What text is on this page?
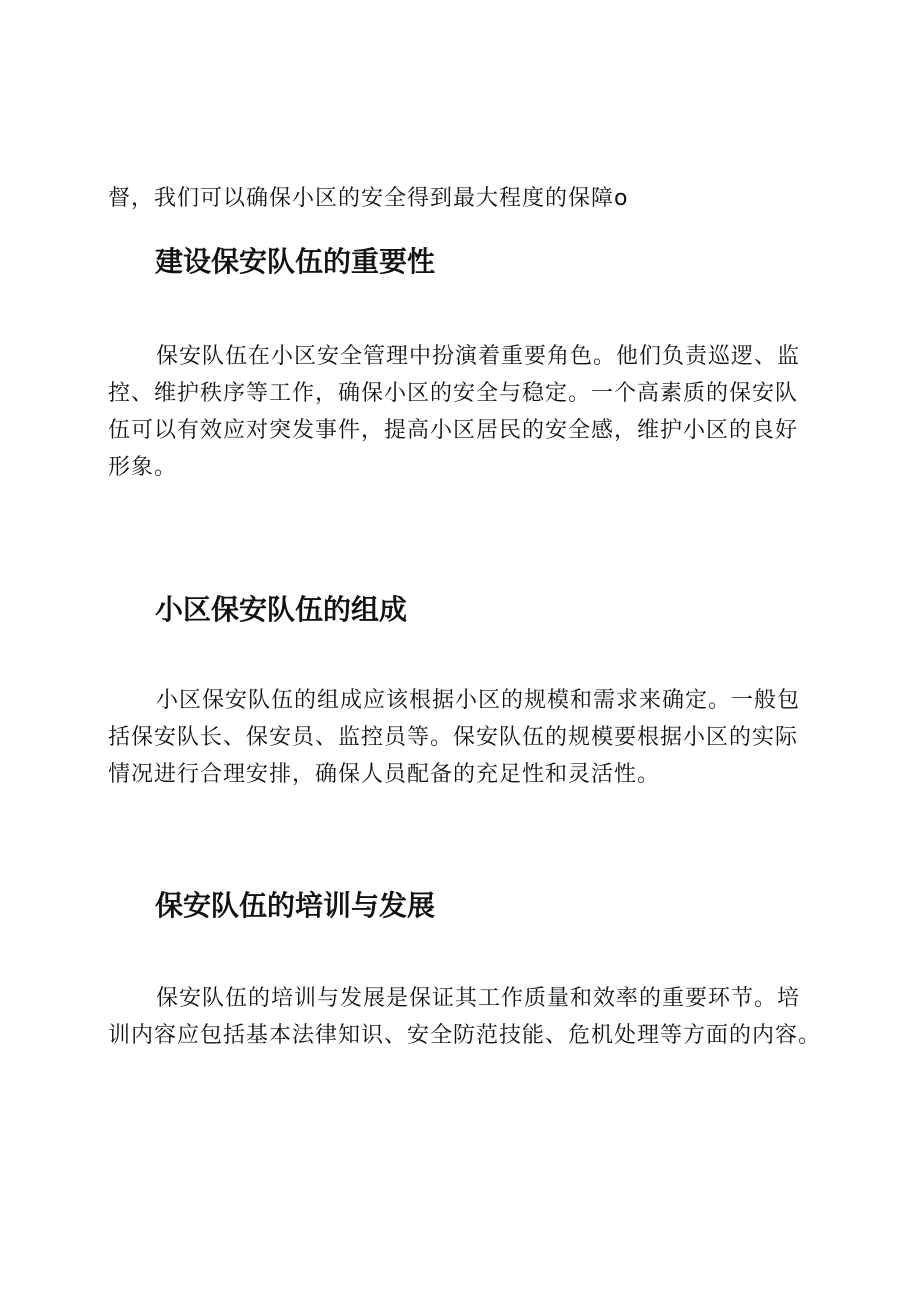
督，我们可以确保小区的安全得到最大程度的保障o

建设保安队伍的重要性

保安队伍在小区安全管理中扮演着重要角色。他们负责巡逻、监
控、维护秩序等工作，确保小区的安全与稳定。一个高素质的保安队
伍可以有效应对突发事件，提高小区居民的安全感，维护小区的良好
形象。

小区保安队伍的组成

小区保安队伍的组成应该根据小区的规模和需求来确定。一般包
括保安队长、保安员、监控员等。保安队伍的规模要根据小区的实际
情况进行合理安排，确保人员配备的充足性和灵活性。

保安队伍的培训与发展

保安队伍的培训与发展是保证其工作质量和效率的重要环节。培
训内容应包括基本法律知识、安全防范技能、危机处理等方面的内容。
